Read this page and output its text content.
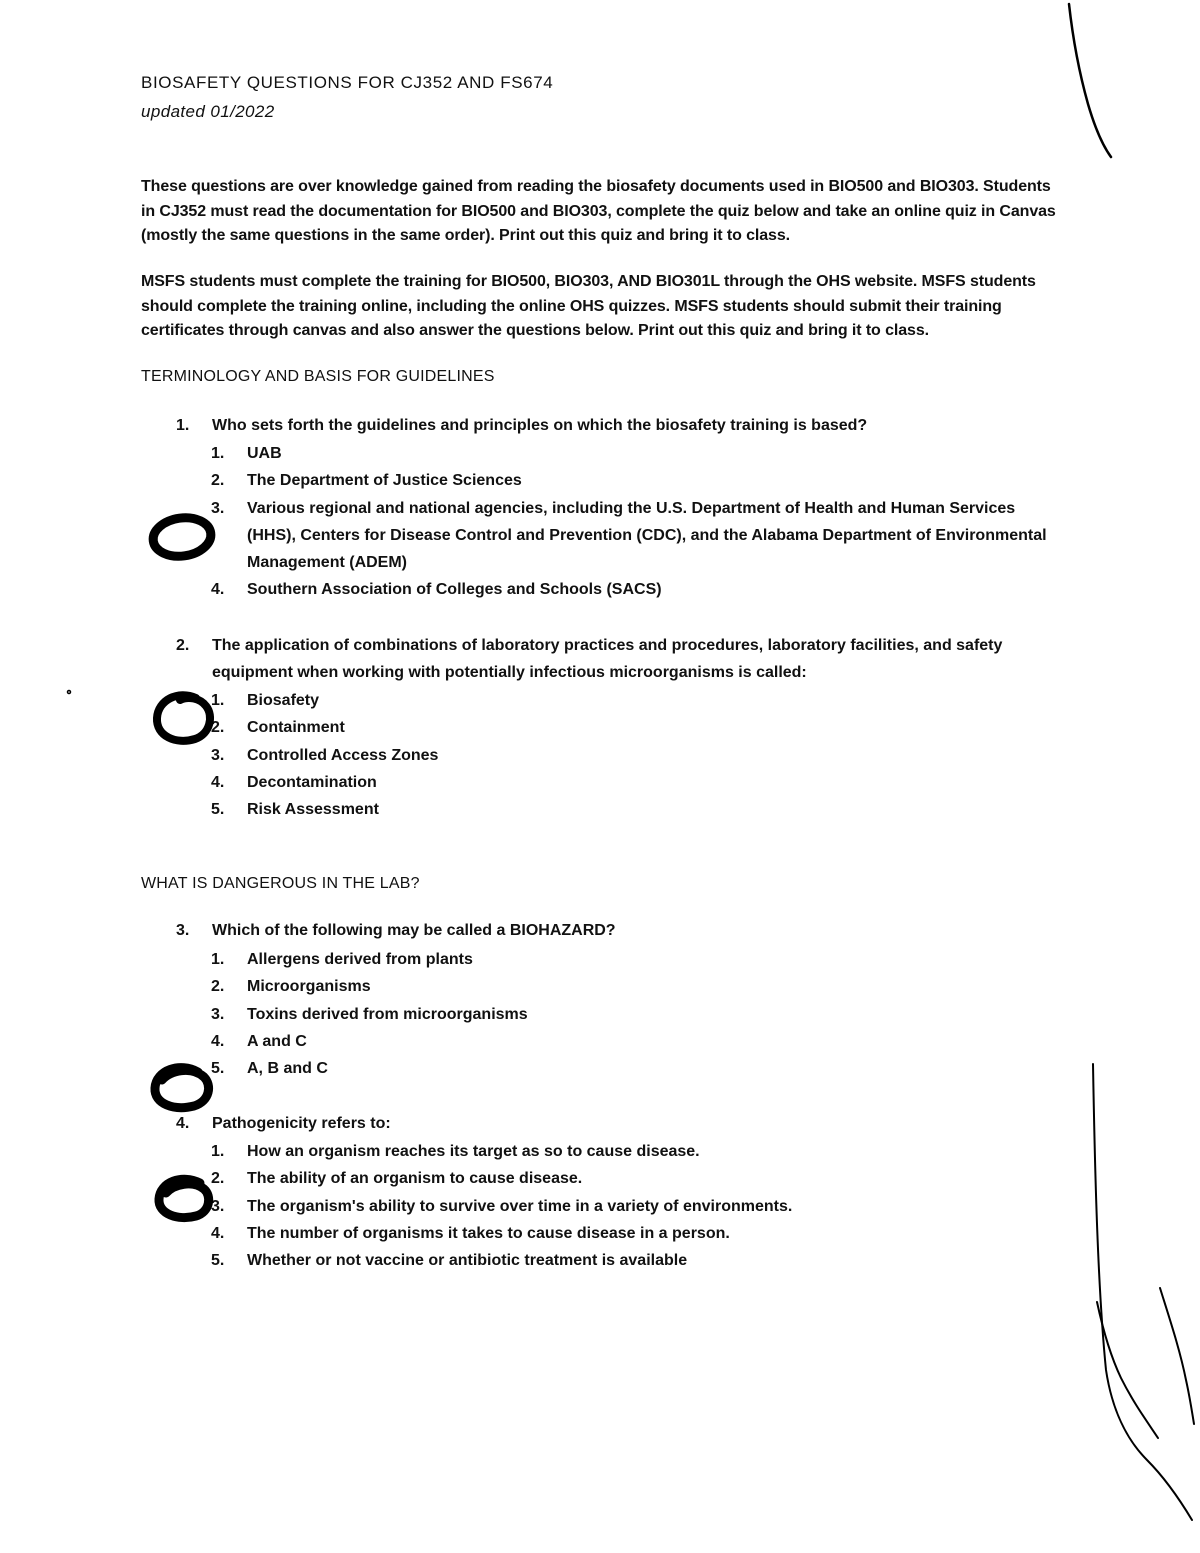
BIOSAFETY QUESTIONS FOR CJ352 AND FS674
updated 01/2022
These questions are over knowledge gained from reading the biosafety documents used in BIO500 and BIO303. Students in CJ352 must read the documentation for BIO500 and BIO303, complete the quiz below and take an online quiz in Canvas (mostly the same questions in the same order). Print out this quiz and bring it to class.
MSFS students must complete the training for BIO500, BIO303, AND BIO301L through the OHS website. MSFS students should complete the training online, including the online OHS quizzes. MSFS students should submit their training certificates through canvas and also answer the questions below. Print out this quiz and bring it to class.
TERMINOLOGY AND BASIS FOR GUIDELINES
1. Who sets forth the guidelines and principles on which the biosafety training is based?
1. UAB
2. The Department of Justice Sciences
3. Various regional and national agencies, including the U.S. Department of Health and Human Services (HHS), Centers for Disease Control and Prevention (CDC), and the Alabama Department of Environmental Management (ADEM)
4. Southern Association of Colleges and Schools (SACS)
2. The application of combinations of laboratory practices and procedures, laboratory facilities, and safety equipment when working with potentially infectious microorganisms is called:
1. Biosafety
2. Containment
3. Controlled Access Zones
4. Decontamination
5. Risk Assessment
WHAT IS DANGEROUS IN THE LAB?
3. Which of the following may be called a BIOHAZARD?
1. Allergens derived from plants
2. Microorganisms
3. Toxins derived from microorganisms
4. A and C
5. A, B and C
4. Pathogenicity refers to:
1. How an organism reaches its target as so to cause disease.
2. The ability of an organism to cause disease.
3. The organism's ability to survive over time in a variety of environments.
4. The number of organisms it takes to cause disease in a person.
5. Whether or not vaccine or antibiotic treatment is available
